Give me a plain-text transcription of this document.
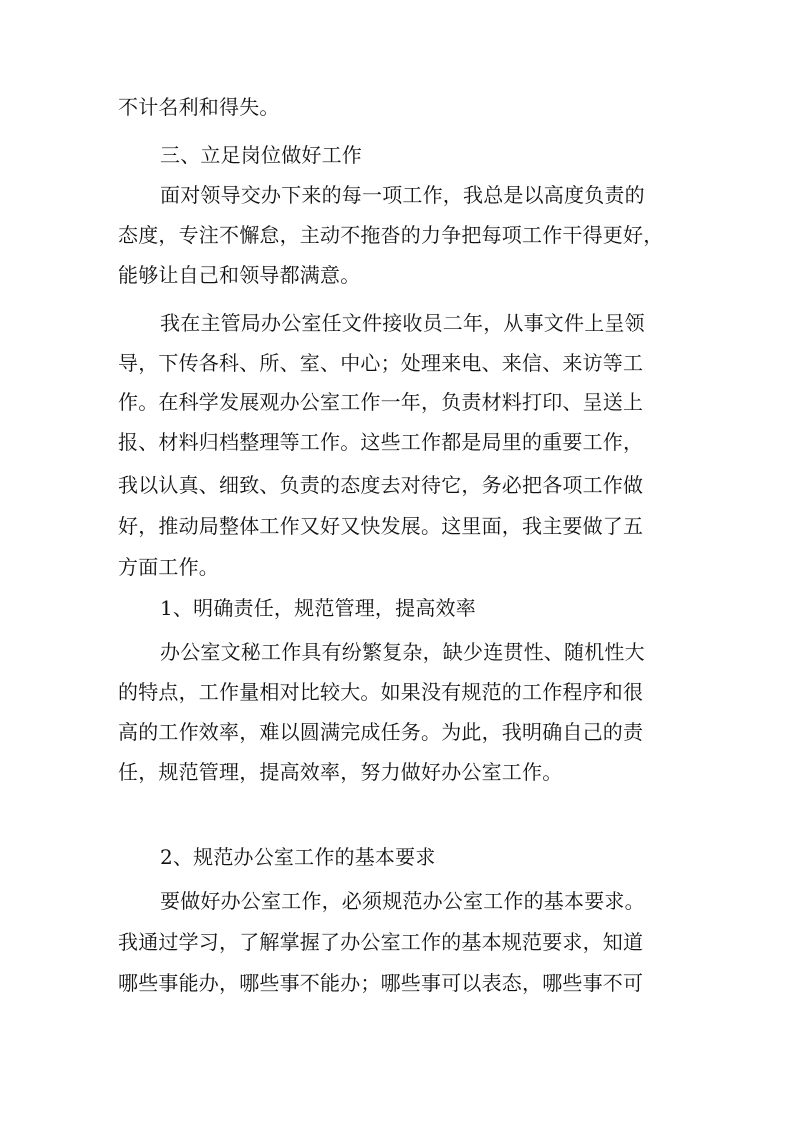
不计名利和得失。
三、立足岗位做好工作
面对领导交办下来的每一项工作，我总是以高度负责的
态度，专注不懈怠，主动不拖沓的力争把每项工作干得更好，
能够让自己和领导都满意。
我在主管局办公室任文件接收员二年，从事文件上呈领
导，下传各科、所、室、中心；处理来电、来信、来访等工
作。在科学发展观办公室工作一年，负责材料打印、呈送上
报、材料归档整理等工作。这些工作都是局里的重要工作，
我以认真、细致、负责的态度去对待它，务必把各项工作做
好，推动局整体工作又好又快发展。这里面，我主要做了五
方面工作。
1、明确责任，规范管理，提高效率
办公室文秘工作具有纷繁复杂，缺少连贯性、随机性大
的特点，工作量相对比较大。如果没有规范的工作程序和很
高的工作效率，难以圆满完成任务。为此，我明确自己的责
任，规范管理，提高效率，努力做好办公室工作。
2、规范办公室工作的基本要求
要做好办公室工作，必须规范办公室工作的基本要求。
我通过学习，了解掌握了办公室工作的基本规范要求，知道
哪些事能办，哪些事不能办；哪些事可以表态，哪些事不可
